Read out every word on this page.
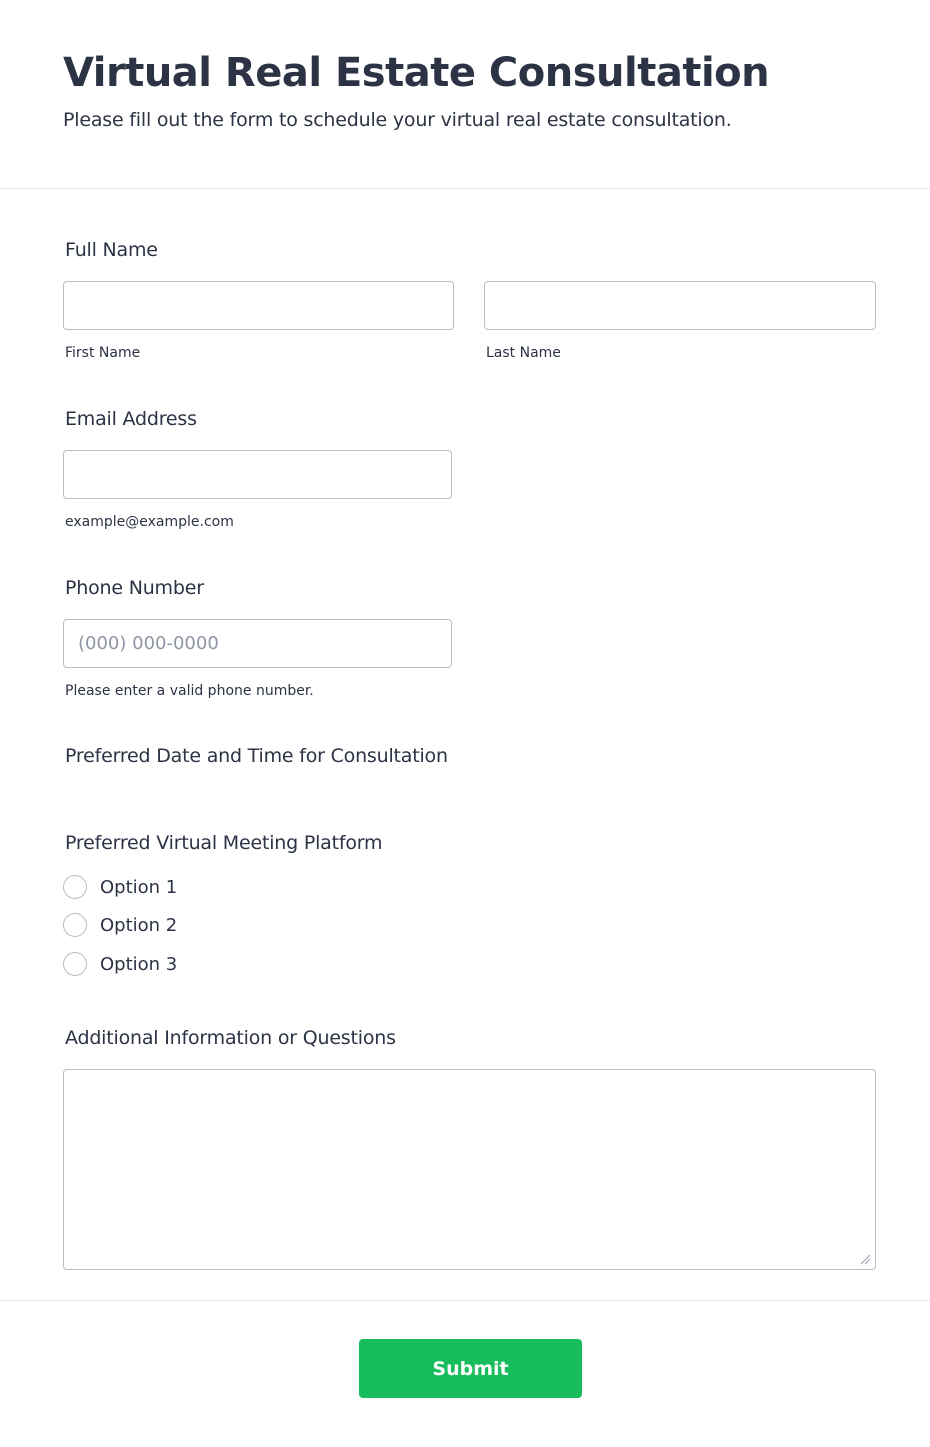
Virtual Real Estate Consultation

Please fill out the form to schedule your virtual real estate consultation.

Full Name
First Name	Last Name
Email Address
example@example.com
Phone Number
(000) 000-0000
Please enter a valid phone number.
Preferred Date and Time for Consultation
Preferred Virtual Meeting Platform
Option 1
Option 2
Option 3
Additional Information or Questions
Submit
